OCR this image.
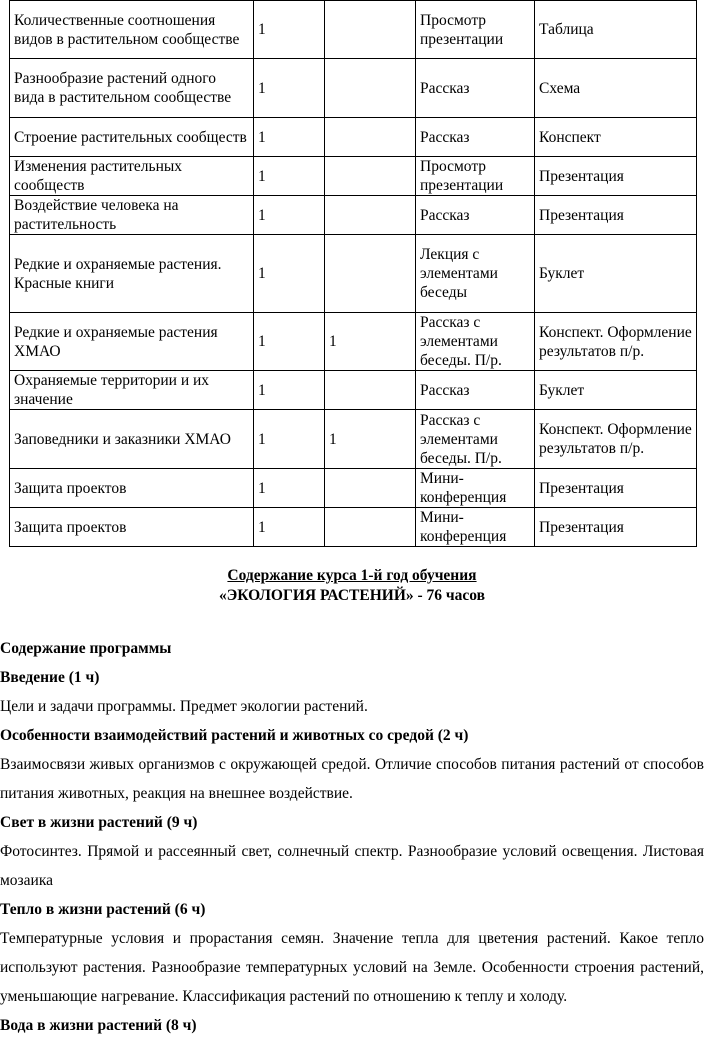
Количественные соотношения видов в растительном сообществе	1		Просмотр презентации	Таблица
Разнообразие растений одного вида в растительном сообществе	1		Рассказ	Схема
Строение растительных сообществ	1		Рассказ	Конспект
Изменения растительных сообществ	1		Просмотр презентации	Презентация
Воздействие человека на растительность	1		Рассказ	Презентация
Редкие и охраняемые растения. Красные книги	1		Лекция с элементами беседы	Буклет
Редкие и охраняемые растения ХМАО	1	1	Рассказ с элементами беседы. П/р.	Конспект. Оформление результатов п/р.
Охраняемые территории и их значение	1		Рассказ	Буклет
Заповедники и заказники ХМАО	1	1	Рассказ с элементами беседы. П/р.	Конспект. Оформление результатов п/р.
Защита проектов	1		Мини-конференция	Презентация
Защита проектов	1		Мини-конференция	Презентация
Содержание курса 1-й год обучения
«ЭКОЛОГИЯ РАСТЕНИЙ» - 76 часов
Содержание программы
Введение (1 ч)

Цели и задачи программы. Предмет экологии растений.

Особенности взаимодействий растений и животных со средой (2 ч)

Взаимосвязи живых организмов с окружающей средой. Отличие способов питания растений от способов питания животных, реакция на внешнее воздействие.

Свет в жизни растений (9 ч)

Фотосинтез. Прямой и рассеянный свет, солнечный спектр. Разнообразие условий освещения. Листовая мозаика

Тепло в жизни растений (6 ч)

Температурные условия и прорастания семян. Значение тепла для цветения растений. Какое тепло используют растения. Разнообразие температурных условий на Земле. Особенности строения растений, уменьшающие нагревание. Классификация растений по отношению к теплу и холоду.

Вода в жизни растений (8 ч)
